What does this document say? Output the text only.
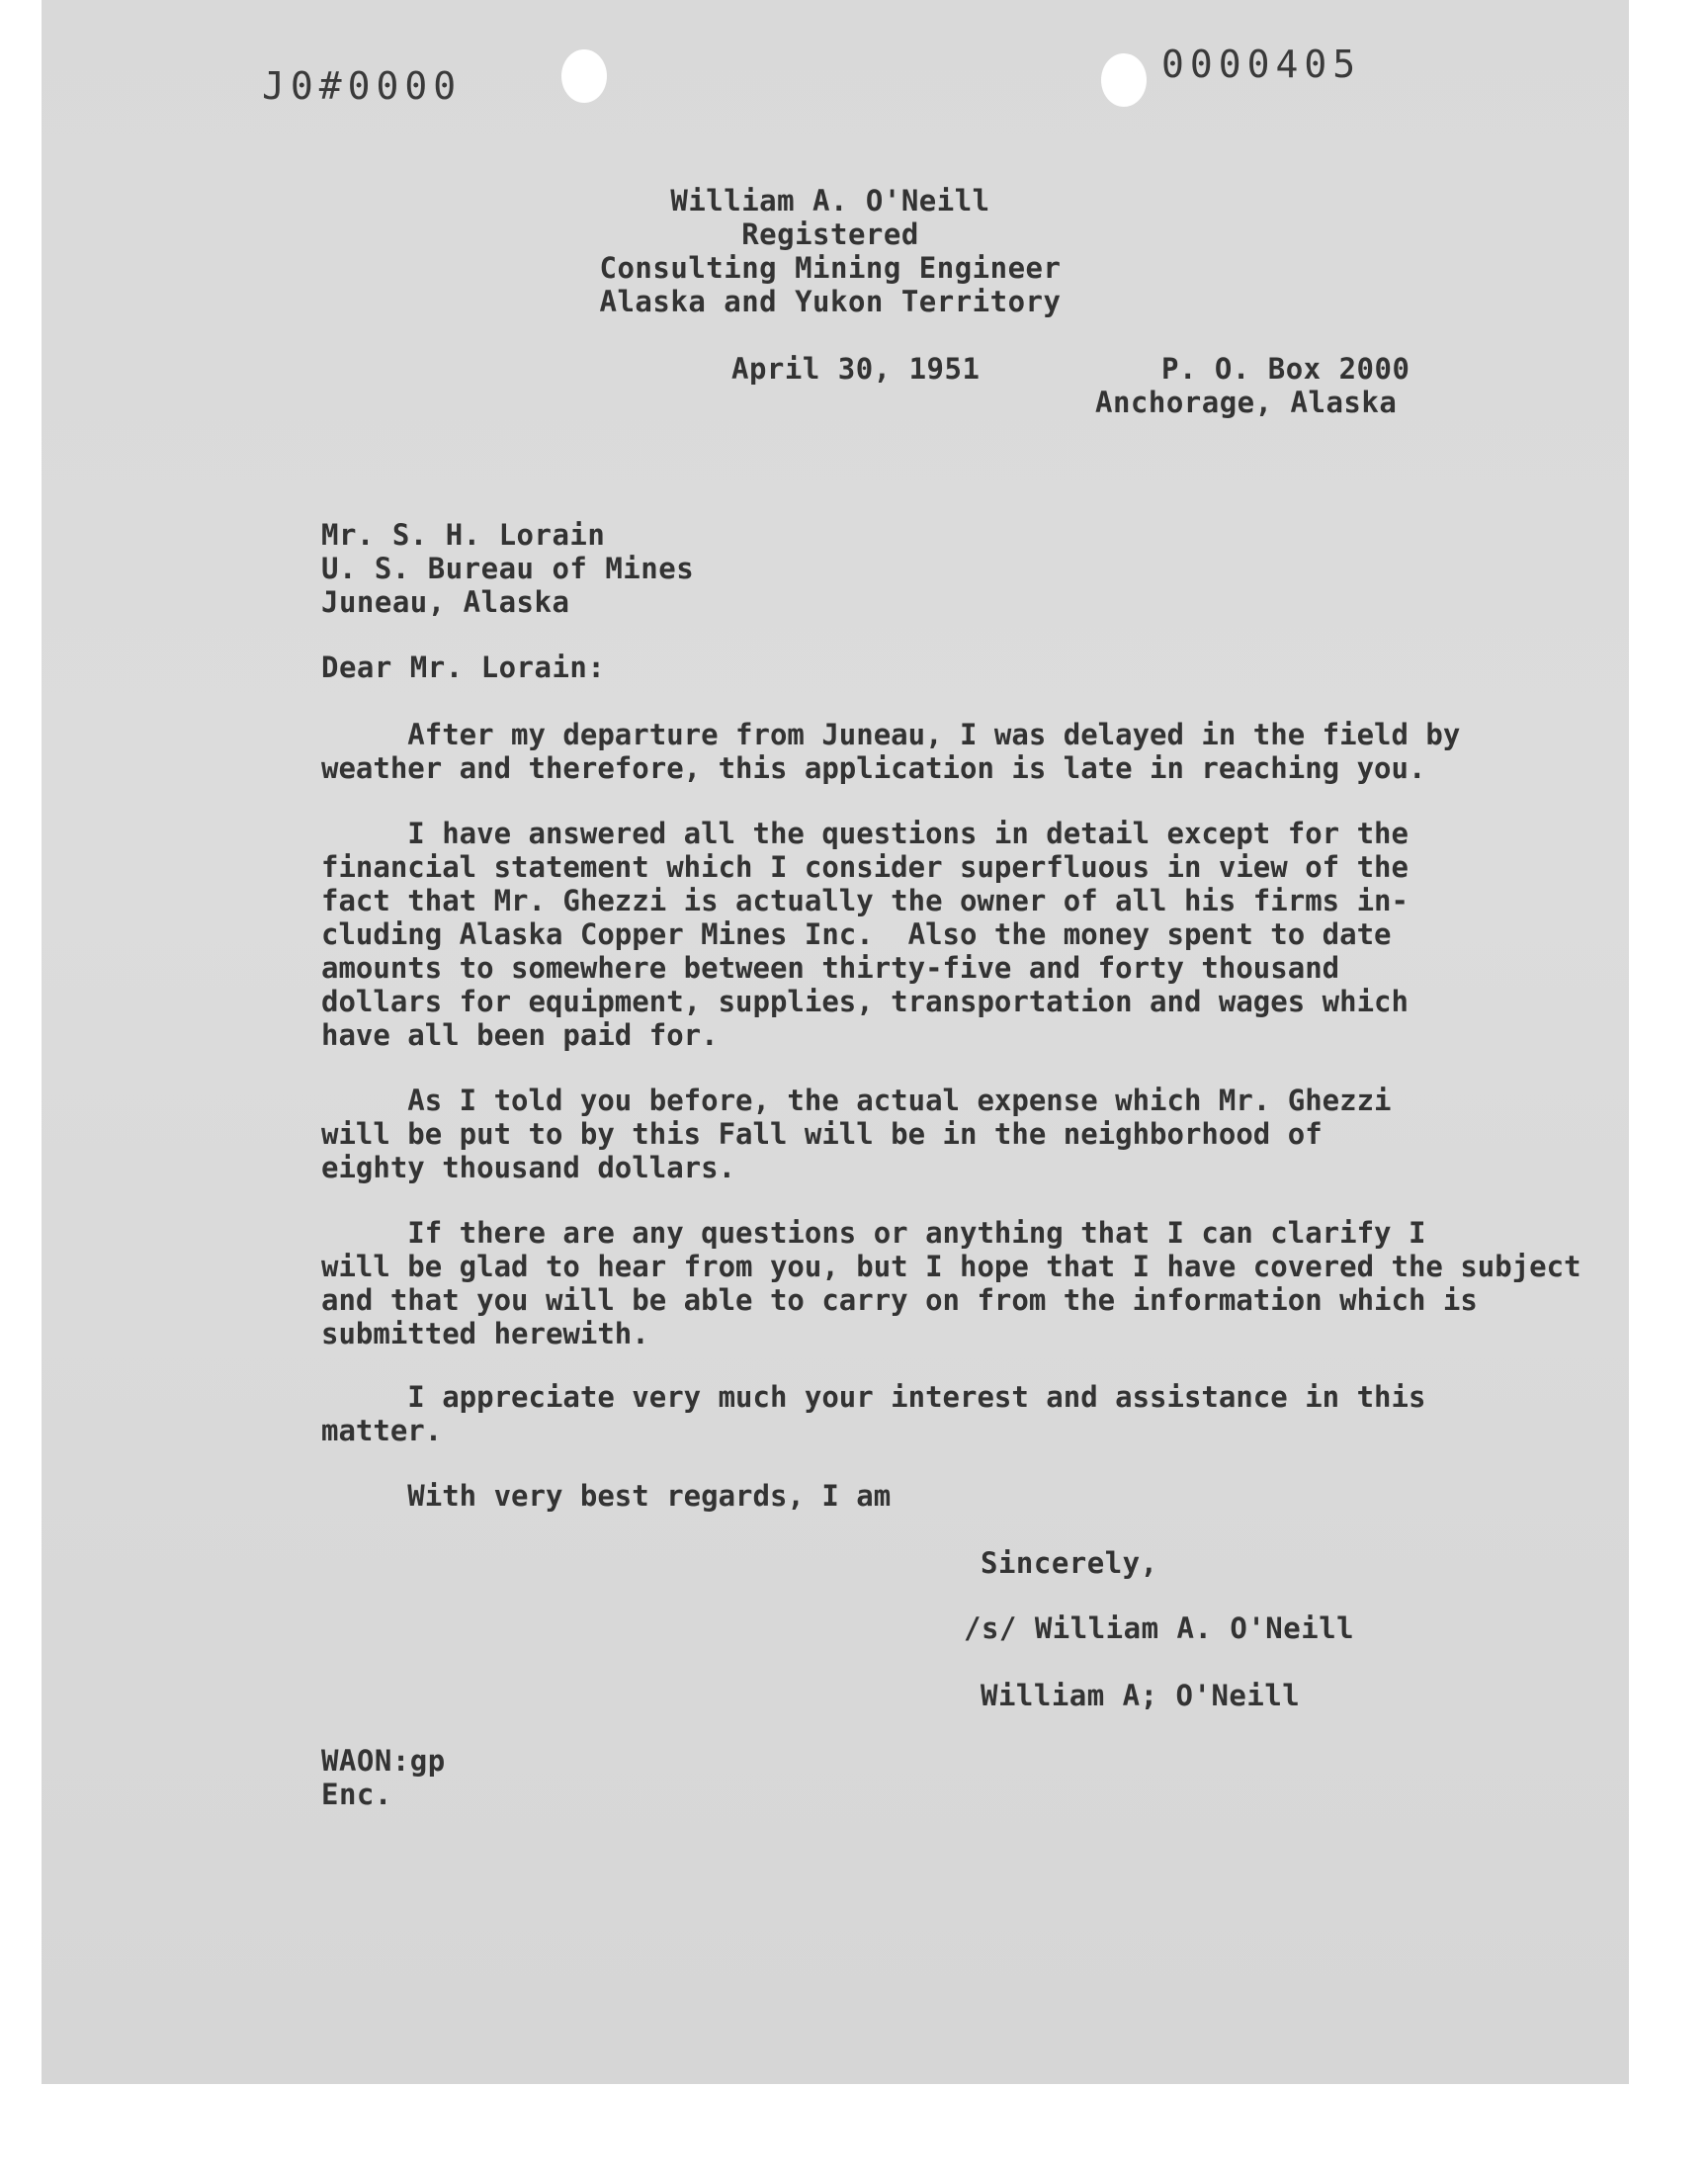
J0#0000	0000405
William A. O'Neill
Registered
Consulting Mining Engineer
Alaska and Yukon Territory
April 30, 1951	P. O. Box 2000
Anchorage, Alaska
Mr. S. H. Lorain
U. S. Bureau of Mines
Juneau, Alaska
Dear Mr. Lorain:
After my departure from Juneau, I was delayed in the field by
weather and therefore, this application is late in reaching you.
I have answered all the questions in detail except for the
financial statement which I consider superfluous in view of the
fact that Mr. Ghezzi is actually the owner of all his firms in-
cluding Alaska Copper Mines Inc.  Also the money spent to date
amounts to somewhere between thirty-five and forty thousand
dollars for equipment, supplies, transportation and wages which
have all been paid for.
As I told you before, the actual expense which Mr. Ghezzi
will be put to by this Fall will be in the neighborhood of
eighty thousand dollars.
If there are any questions or anything that I can clarify I
will be glad to hear from you, but I hope that I have covered the subject
and that you will be able to carry on from the information which is
submitted herewith.
I appreciate very much your interest and assistance in this
matter.
With very best regards, I am
Sincerely,
/s/ William A. O'Neill
William A; O'Neill
WAON:gp
Enc.
